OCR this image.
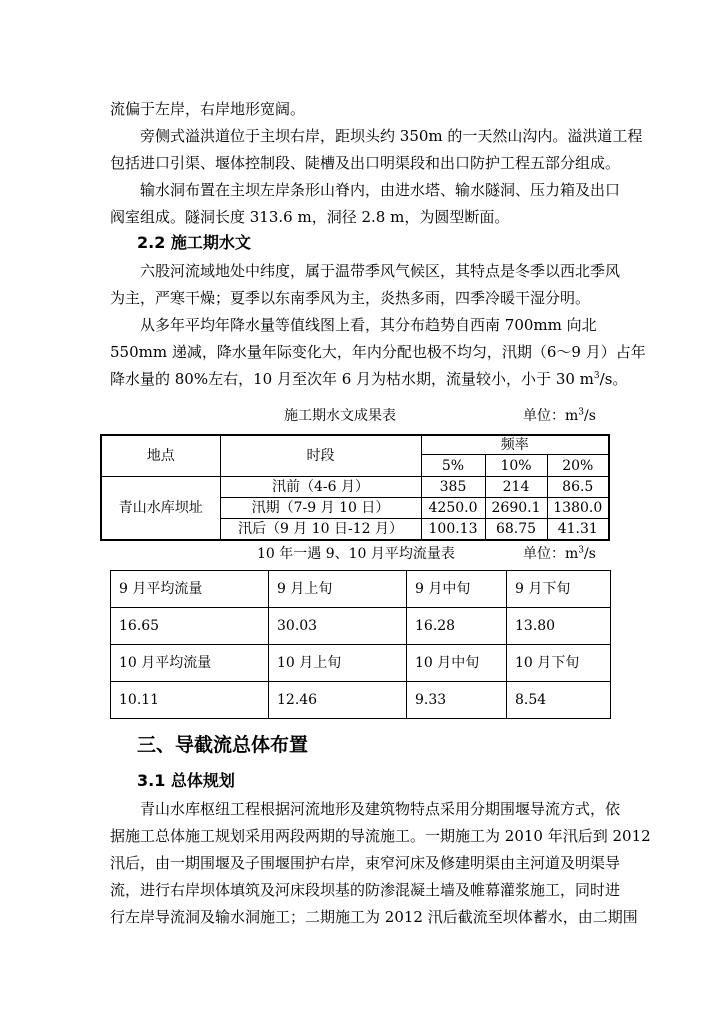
流偏于左岸，右岸地形宽阔。
旁侧式溢洪道位于主坝右岸，距坝头约 350m 的一天然山沟内。溢洪道工程
包括进口引渠、堰体控制段、陡槽及出口明渠段和出口防护工程五部分组成。
输水洞布置在主坝左岸条形山脊内，由进水塔、输水隧洞、压力箱及出口
阀室组成。隧洞长度 313.6 m，洞径 2.8 m，为圆型断面。
2.2 施工期水文
六股河流域地处中纬度，属于温带季风气候区，其特点是冬季以西北季风
为主，严寒干燥；夏季以东南季风为主，炎热多雨，四季冷暖干湿分明。
从多年平均年降水量等值线图上看，其分布趋势自西南 700mm 向北
550mm 递减，降水量年际变化大，年内分配也极不均匀，汛期（6～9 月）占年
降水量的 80%左右，10 月至次年 6 月为枯水期，流量较小，小于 30 $m^3/s$。
施工期水文成果表	单位：$m^3/s$
地点	时段	频率		
		5%	10%	20%
青山水库坝址	汛前（4-6 月）	385	214	86.5
	汛期（7-9 月 10 日）	4250.0	2690.1	1380.0
	汛后（9 月 10 日-12 月）	100.13	68.75	41.31
10 年一遇 9、10 月平均流量表	单位：$m^3/s$
9 月平均流量	9 月上旬	9 月中旬	9 月下旬
16.65	30.03	16.28	13.80
10 月平均流量	10 月上旬	10 月中旬	10 月下旬
10.11	12.46	9.33	8.54
三、导截流总体布置
3.1 总体规划
青山水库枢纽工程根据河流地形及建筑物特点采用分期围堰导流方式，依
据施工总体施工规划采用两段两期的导流施工。一期施工为 2010 年汛后到 2012
汛后，由一期围堰及子围堰围护右岸，束窄河床及修建明渠由主河道及明渠导
流，进行右岸坝体填筑及河床段坝基的防渗混凝土墙及帷幕灌浆施工，同时进
行左岸导流洞及输水洞施工；二期施工为 2012 汛后截流至坝体蓄水，由二期围
